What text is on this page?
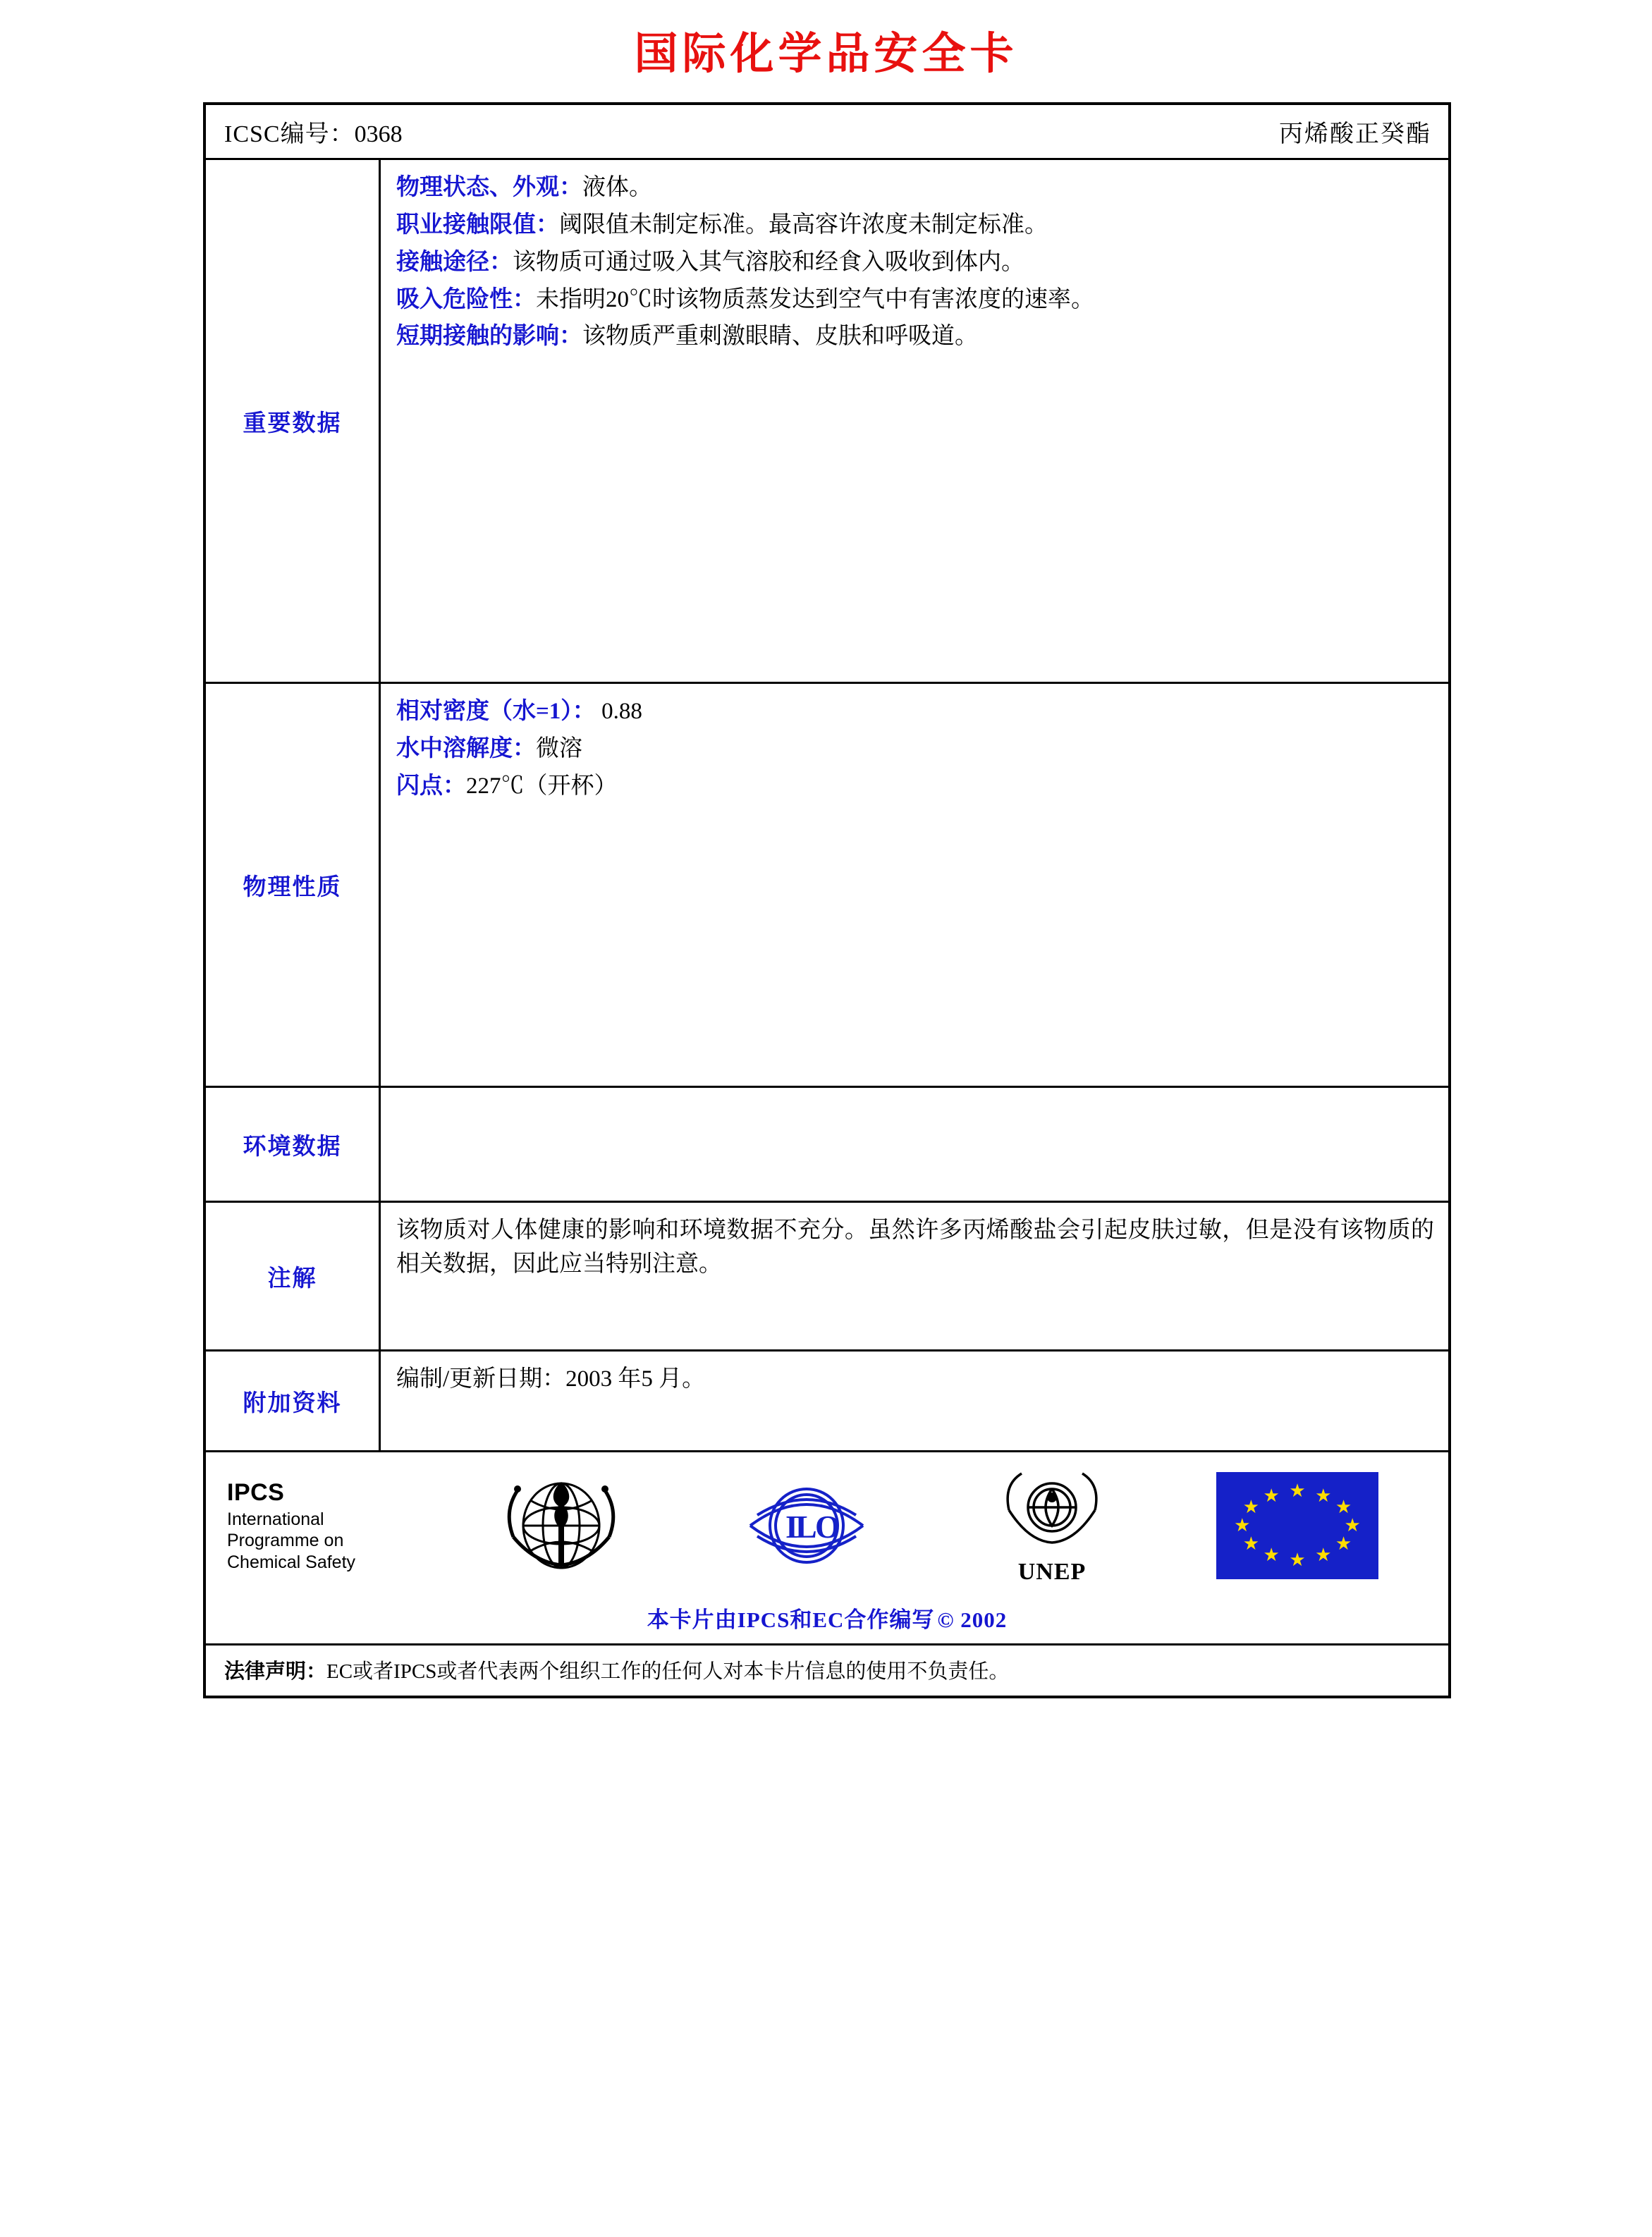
国际化学品安全卡
ICSC编号：0368	丙烯酸正癸酯
重要数据

物理状态、外观：液体。

职业接触限值：阈限值未制定标准。最高容许浓度未制定标准。

接触途径：该物质可通过吸入其气溶胶和经食入吸收到体内。

吸入危险性：未指明20℃时该物质蒸发达到空气中有害浓度的速率。

短期接触的影响：该物质严重刺激眼睛、皮肤和呼吸道。

物理性质

相对密度（水=1）： 0.88

水中溶解度：微溶

闪点：227℃（开杯）

环境数据
注解

该物质对人体健康的影响和环境数据不充分。虽然许多丙烯酸盐会引起皮肤过敏，但是没有该物质的相关数据，因此应当特别注意。

附加资料

编制/更新日期：2003 年5 月。

IPCS
International
Programme on
Chemical Safety
I
L
O
UNEP
★ ★
★
★
★
★
★
★
★
★
★
★
本卡片由IPCS和EC合作编写 © 2002
法律声明：EC或者IPCS或者代表两个组织工作的任何人对本卡片信息的使用不负责任。
